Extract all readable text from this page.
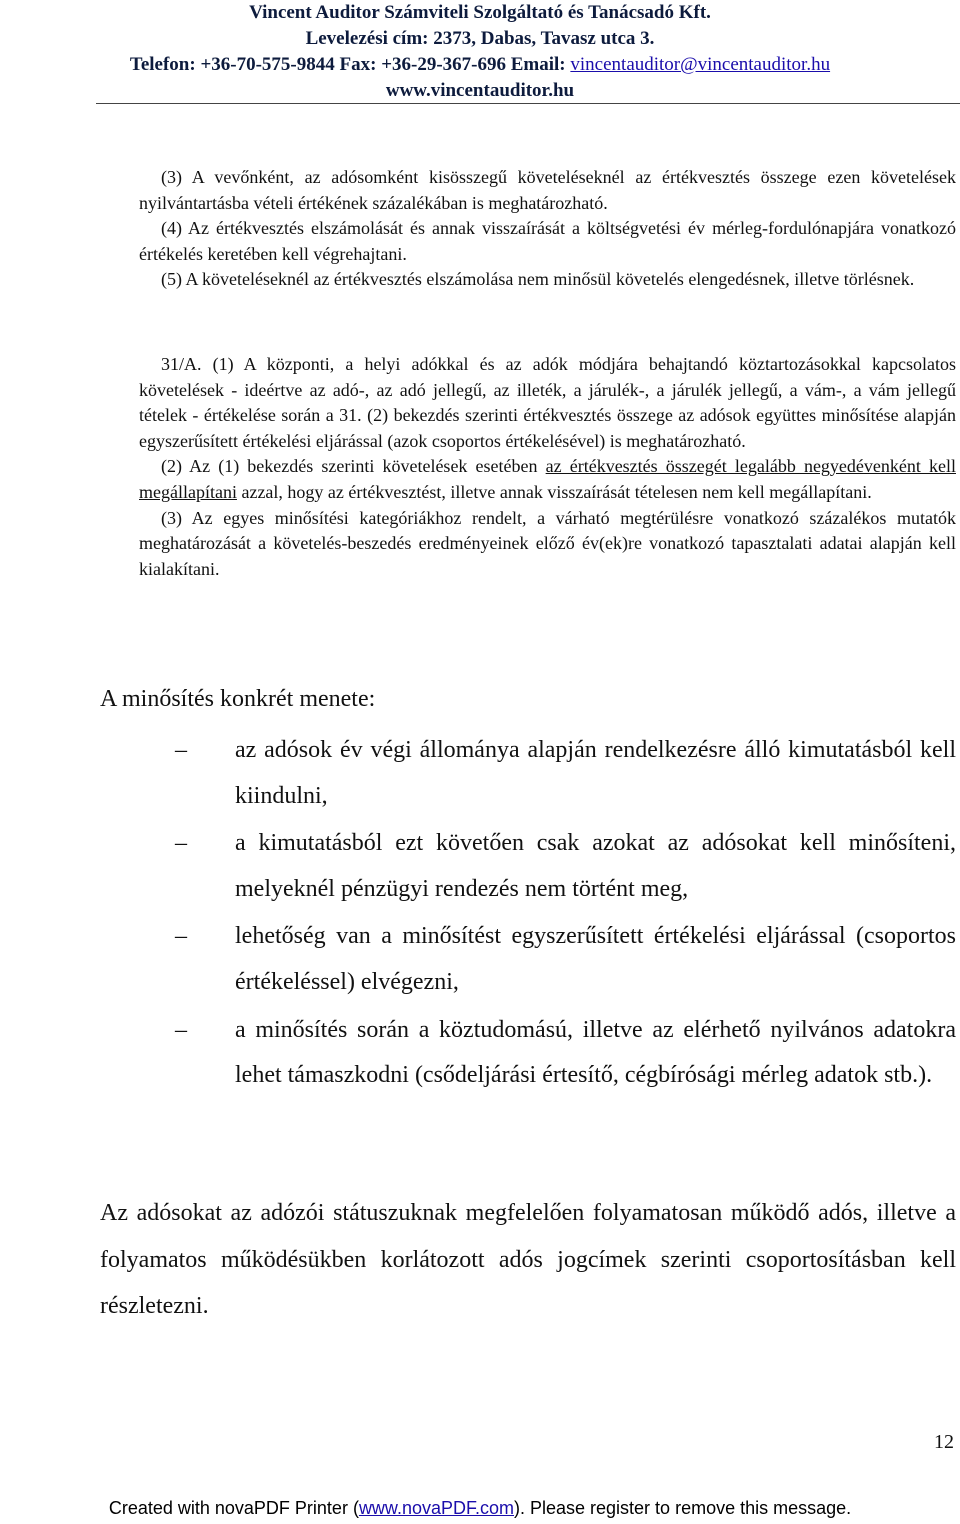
Vincent Auditor Számviteli Szolgáltató és Tanácsadó Kft.
Levelezési cím: 2373, Dabas, Tavasz utca 3.
Telefon: +36-70-575-9844 Fax: +36-29-367-696 Email: vincentauditor@vincentauditor.hu
www.vincentauditor.hu

(3) A vevőnként, az adósomként kisösszegű követeléseknél az értékvesztés összege ezen követelések nyilvántartásba vételi értékének százalékában is meghatározható.

(4) Az értékvesztés elszámolását és annak visszaírását a költségvetési év mérleg-fordulónapjára vonatkozó értékelés keretében kell végrehajtani.

(5) A követeléseknél az értékvesztés elszámolása nem minősül követelés elengedésnek, illetve törlésnek.

31/A. (1) A központi, a helyi adókkal és az adók módjára behajtandó köztartozásokkal kapcsolatos követelések - ideértve az adó-, az adó jellegű, az illeték, a járulék-, a járulék jellegű, a vám-, a vám jellegű tételek - értékelése során a 31. (2) bekezdés szerinti értékvesztés összege az adósok együttes minősítése alapján egyszerűsített értékelési eljárással (azok csoportos értékelésével) is meghatározható.

(2) Az (1) bekezdés szerinti követelések esetében az értékvesztés összegét legalább negyedévenként kell megállapítani azzal, hogy az értékvesztést, illetve annak visszaírását tételesen nem kell megállapítani.

(3) Az egyes minősítési kategóriákhoz rendelt, a várható megtérülésre vonatkozó százalékos mutatók meghatározását a követelés-beszedés eredményeinek előző év(ek)re vonatkozó tapasztalati adatai alapján kell kialakítani.

A minősítés konkrét menete:
– az adósok év végi állománya alapján rendelkezésre álló kimutatásból kell kiindulni,
– a kimutatásból ezt követően csak azokat az adósokat kell minősíteni, melyeknél pénzügyi rendezés nem történt meg,
– lehetőség van a minősítést egyszerűsített értékelési eljárással (csoportos értékeléssel) elvégezni,
– a minősítés során a köztudomású, illetve az elérhető nyilvános adatokra lehet támaszkodni (csődeljárási értesítő, cégbírósági mérleg adatok stb.).

Az adósokat az adózói státuszuknak megfelelően folyamatosan működő adós, illetve a folyamatos működésükben korlátozott adós jogcímek szerinti csoportosításban kell részletezni.

12
Created with novaPDF Printer (www.novaPDF.com). Please register to remove this message.
